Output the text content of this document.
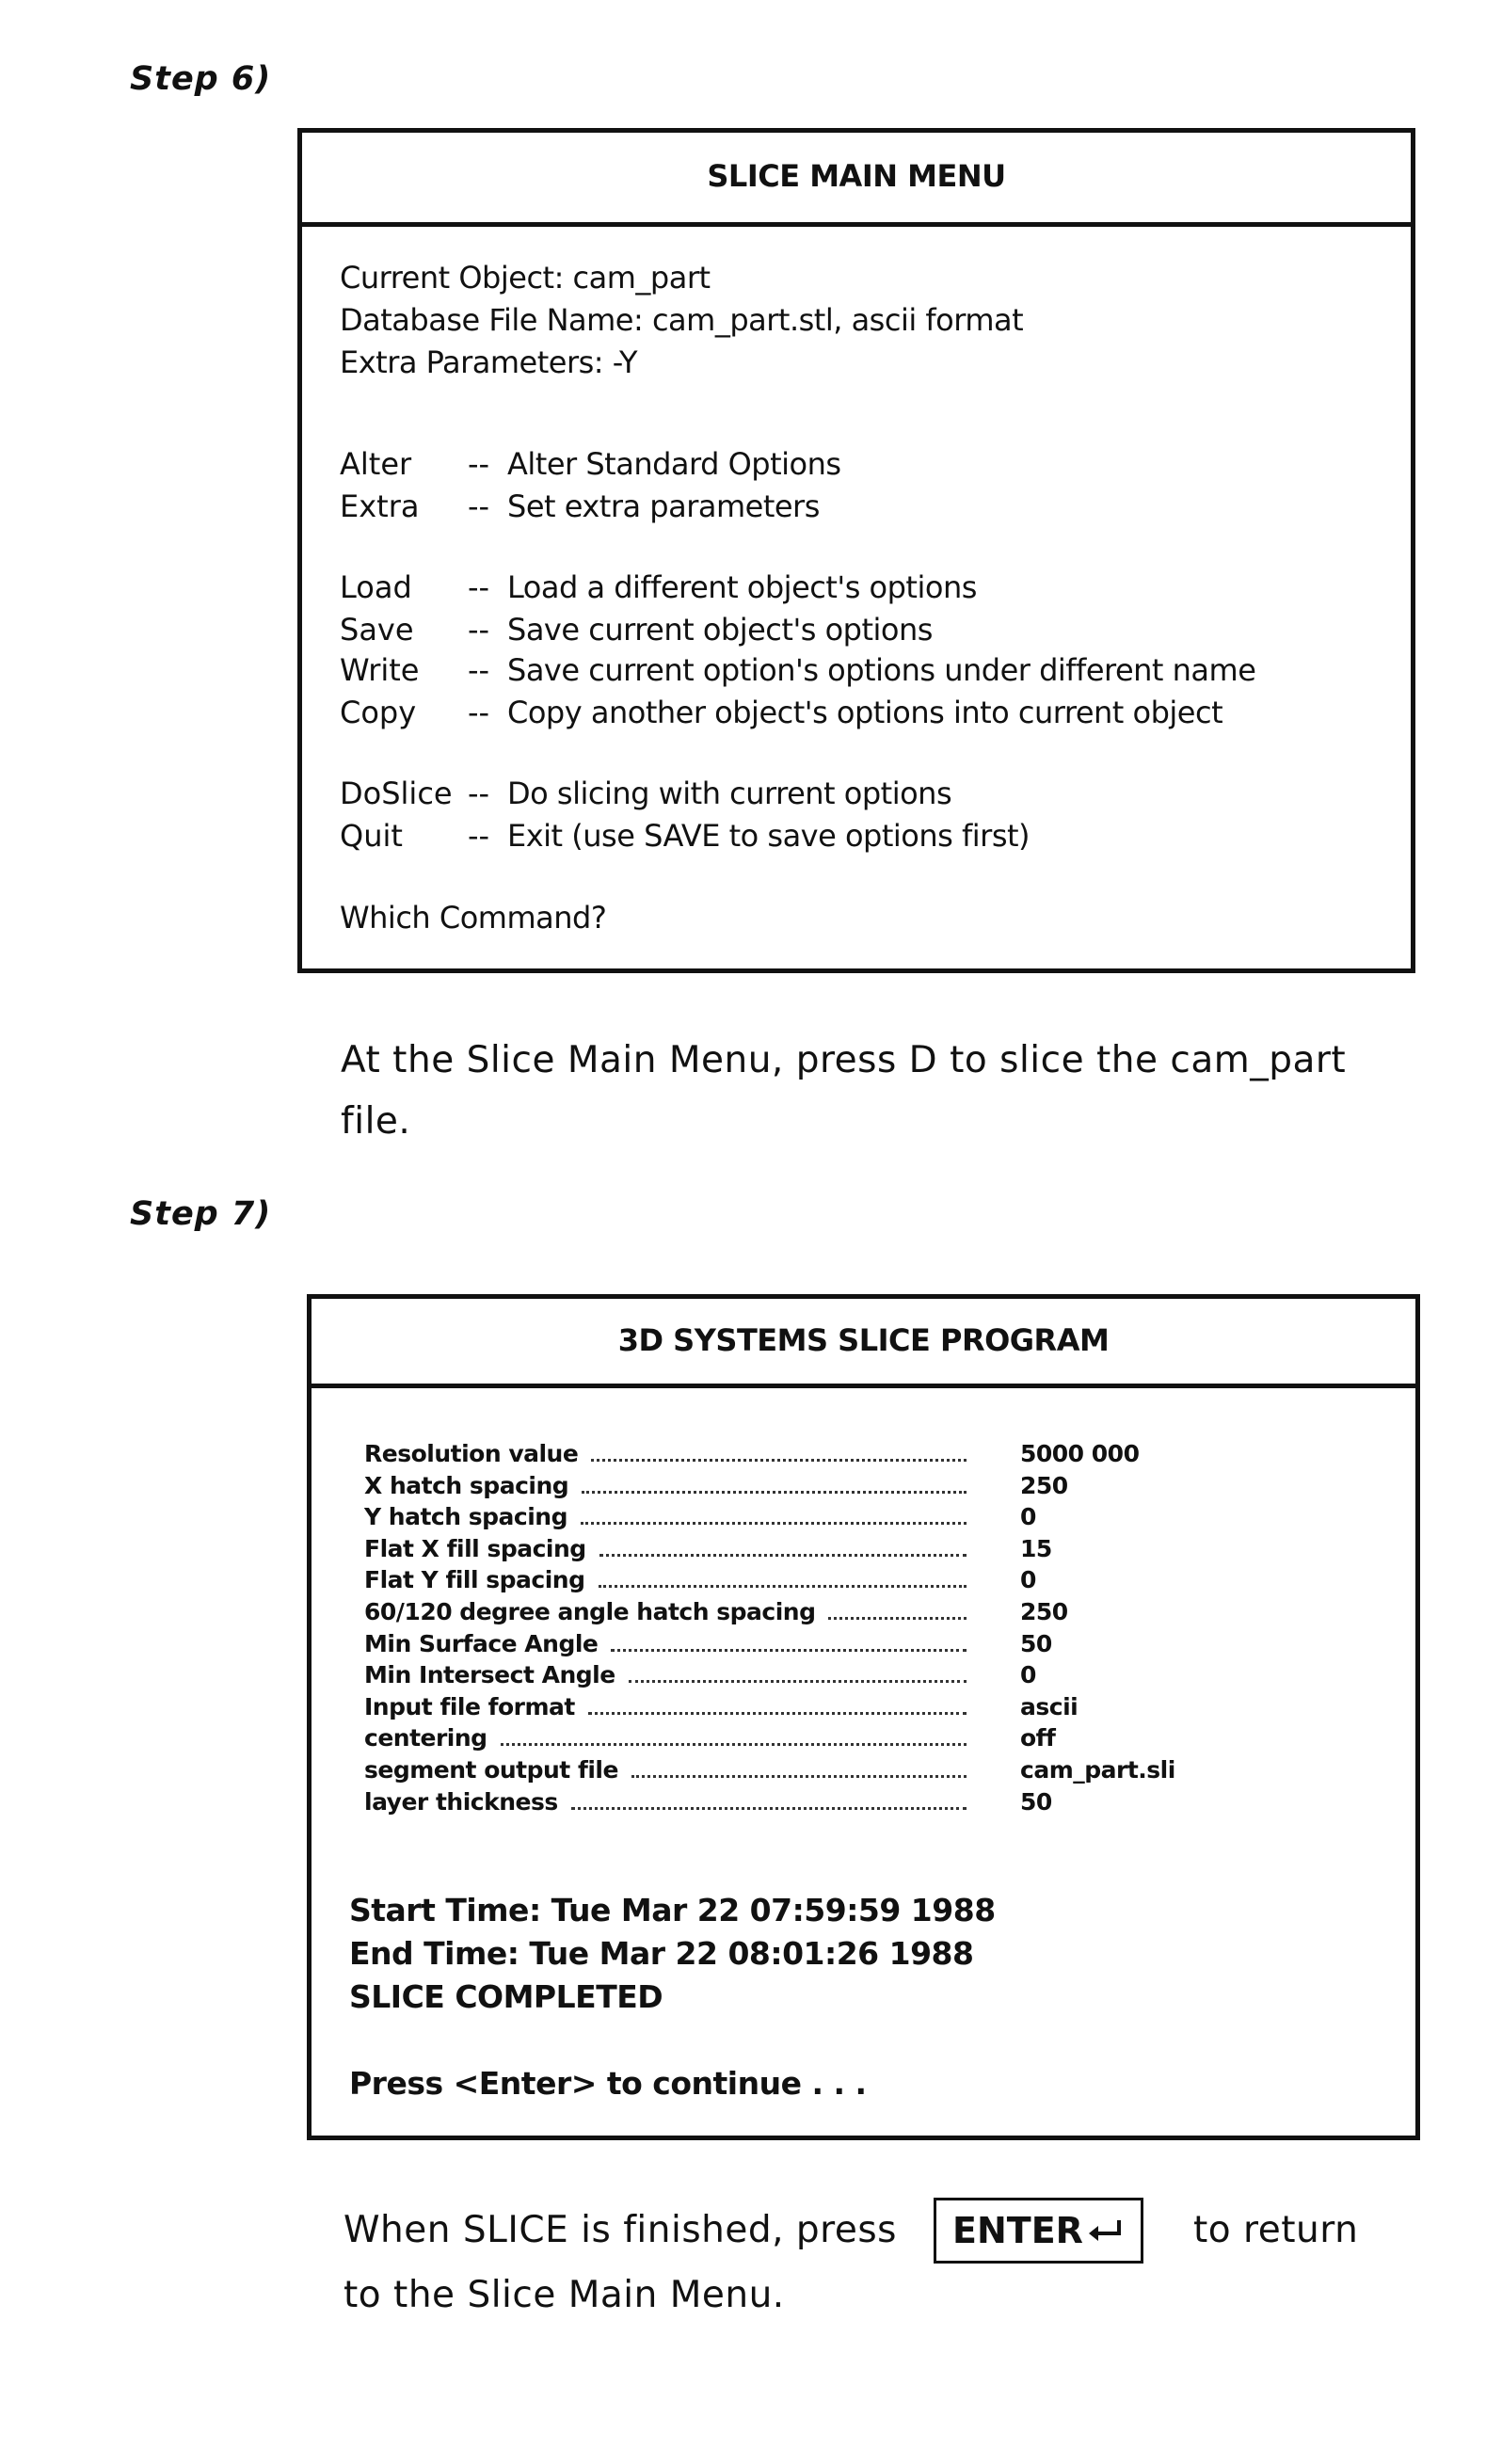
Step 6)
SLICE MAIN MENU
Current Object: cam_part
Database File Name: cam_part.stl, ascii format
Extra Parameters: -Y
Alter -- Alter Standard Options
Extra -- Set extra parameters
Load -- Load a different object's options
Save -- Save current object's options
Write -- Save current option's options under different name
Copy -- Copy another object's options into current object
DoSlice -- Do slicing with current options
Quit -- Exit (use SAVE to save options first)
Which Command?
At the Slice Main Menu, press D to slice the cam_part
file.
Step 7)
3D SYSTEMS SLICE PROGRAM
Resolution value	5000 000
X hatch spacing	250
Y hatch spacing	0
Flat X fill spacing	15
Flat Y fill spacing	0
60/120 degree angle hatch spacing	250
Min Surface Angle	50
Min Intersect Angle	0
Input file format	ascii
centering	off
segment output file	cam_part.sli
layer thickness	50
Start Time: Tue Mar 22 07:59:59 1988
End Time: Tue Mar 22 08:01:26 1988
SLICE COMPLETED
Press <Enter> to continue . . .
When SLICE is finished, press ENTER	to return
to the Slice Main Menu.
